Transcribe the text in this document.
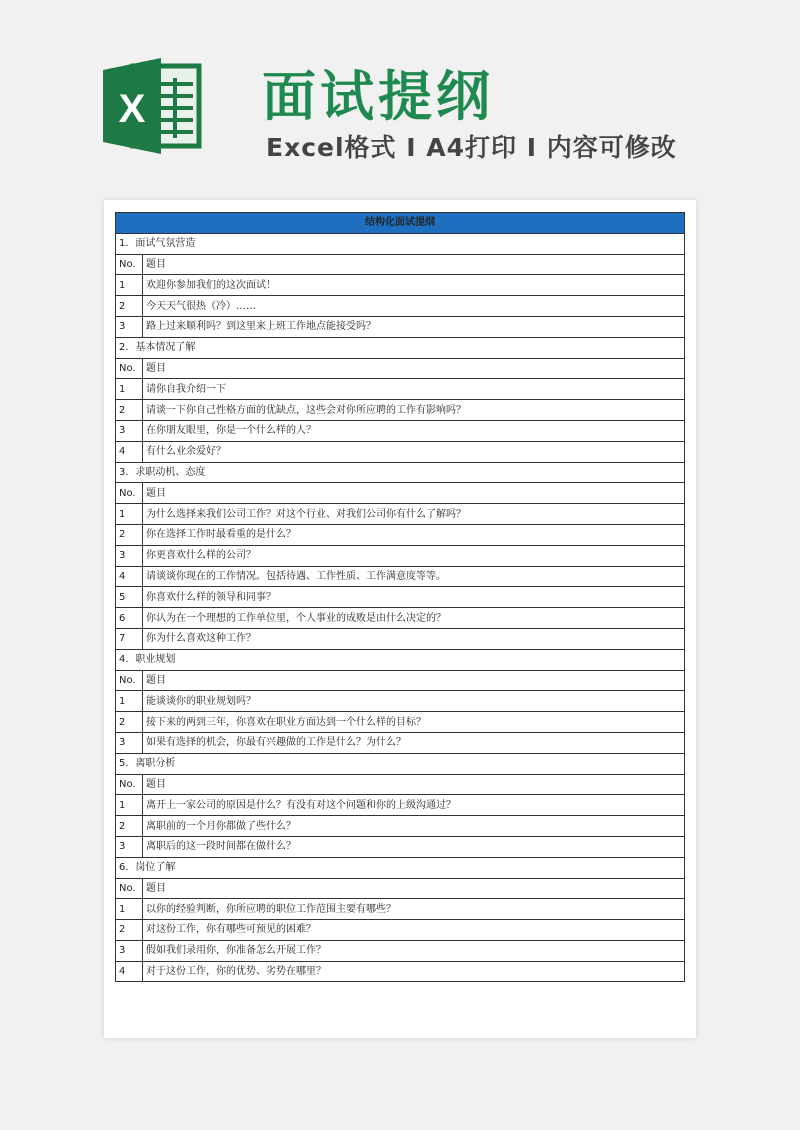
X 面试提纲
Excel格式 I A4打印 I 内容可修改
结构化面试提纲	
1．面试气氛营造	
No.	题目
1	欢迎你参加我们的这次面试！
2	今天天气很热（冷）……
3	路上过来顺利吗？到这里来上班工作地点能接受吗？
2．基本情况了解	
No.	题目
1	请你自我介绍一下
2	请谈一下你自己性格方面的优缺点，这些会对你所应聘的工作有影响吗？
3	在你朋友眼里，你是一个什么样的人？
4	有什么业余爱好？
3．求职动机、态度	
No.	题目
1	为什么选择来我们公司工作？对这个行业、对我们公司你有什么了解吗？
2	你在选择工作时最看重的是什么？
3	你更喜欢什么样的公司？
4	请谈谈你现在的工作情况。包括待遇、工作性质、工作满意度等等。
5	你喜欢什么样的领导和同事？
6	你认为在一个理想的工作单位里，个人事业的成败是由什么决定的？
7	你为什么喜欢这种工作？
4．职业规划	
No.	题目
1	能谈谈你的职业规划吗？
2	接下来的两到三年，你喜欢在职业方面达到一个什么样的目标？
3	如果有选择的机会，你最有兴趣做的工作是什么？为什么？
5．离职分析	
No.	题目
1	离开上一家公司的原因是什么？有没有对这个问题和你的上级沟通过？
2	离职前的一个月你都做了些什么？
3	离职后的这一段时间都在做什么？
6．岗位了解	
No.	题目
1	以你的经验判断，你所应聘的职位工作范围主要有哪些？
2	对这份工作，你有哪些可预见的困难？
3	假如我们录用你，你准备怎么开展工作？
4	对于这份工作，你的优势、劣势在哪里？
